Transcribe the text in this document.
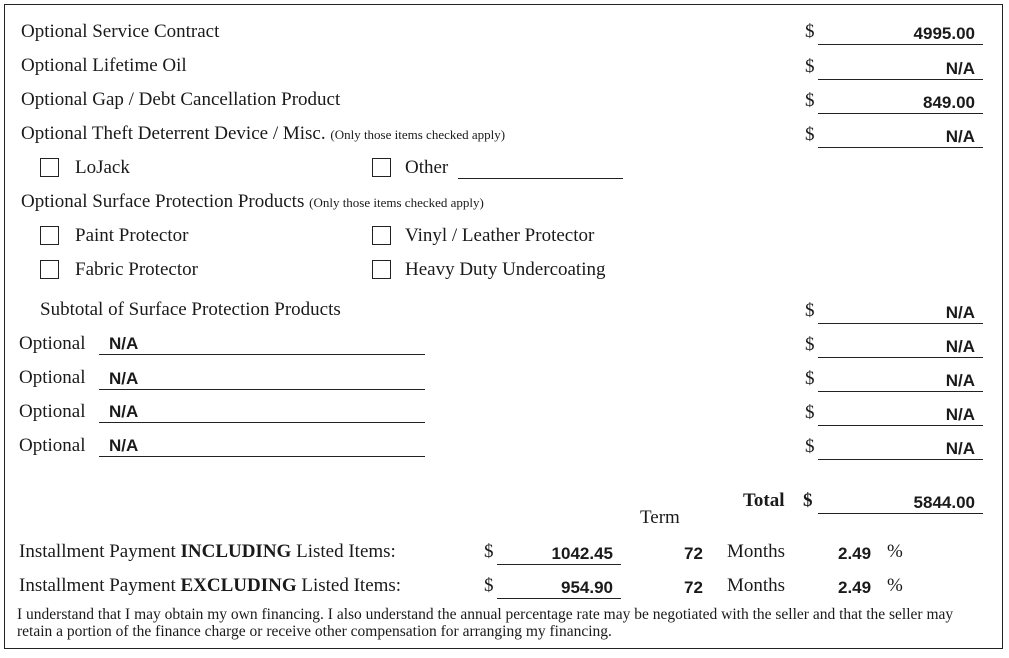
Optional Service Contract	$	4995.00
Optional Lifetime Oil	$	N/A
Optional Gap / Debt Cancellation Product	$	849.00
Optional Theft Deterrent Device / Misc. (Only those items checked apply)	$	N/A
LoJack	Other
Optional Surface Protection Products (Only those items checked apply)
Paint Protector	Vinyl / Leather Protector
Fabric Protector	Heavy Duty Undercoating
Subtotal of Surface Protection Products	$	N/A
Optional	N/A	$	N/A
Optional	N/A	$	N/A
Optional	N/A	$	N/A
Optional	N/A	$	N/A
Total $	5844.00
Term
Installment Payment INCLUDING Listed Items:	$	1042.45	72 Months	2.49 %
Installment Payment EXCLUDING Listed Items:	$	954.90	72 Months	2.49 %
I understand that I may obtain my own financing. I also understand the annual percentage rate may be negotiated with the seller and that the seller may retain a portion of the finance charge or receive other compensation for arranging my financing.
